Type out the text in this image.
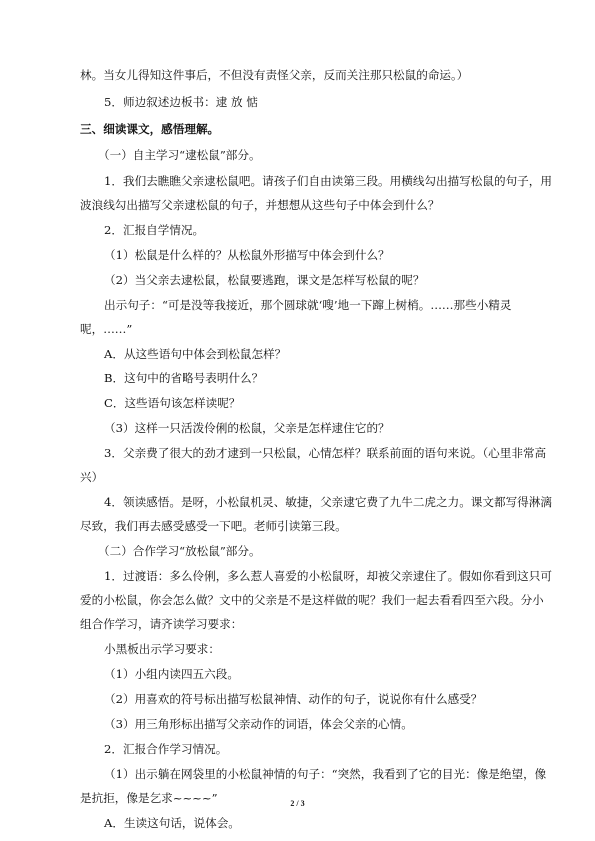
林。当女儿得知这件事后，不但没有责怪父亲，反而关注那只松鼠的命运。）
5．师边叙述边板书：逮 放 惦
三、细读课文，感悟理解。
（一）自主学习“逮松鼠”部分。
1．我们去瞧瞧父亲逮松鼠吧。请孩子们自由读第三段。用横线勾出描写松鼠的句子，用
波浪线勾出描写父亲逮松鼠的句子，并想想从这些句子中体会到什么？
2．汇报自学情况。
（1）松鼠是什么样的？从松鼠外形描写中体会到什么？
（2）当父亲去逮松鼠，松鼠要逃跑，课文是怎样写松鼠的呢？
出示句子：“可是没等我接近，那个圆球就‘嗖’地一下蹿上树梢。……那些小精灵
呢，……”
A．从这些语句中体会到松鼠怎样？
B．这句中的省略号表明什么？
C．这些语句该怎样读呢？
（3）这样一只活泼伶俐的松鼠，父亲是怎样逮住它的？
3．父亲费了很大的劲才逮到一只松鼠，心情怎样？联系前面的语句来说。（心里非常高
兴）
4．领读感悟。是呀，小松鼠机灵、敏捷，父亲逮它费了九牛二虎之力。课文都写得淋漓
尽致，我们再去感受感受一下吧。老师引读第三段。
（二）合作学习“放松鼠”部分。
1．过渡语：多么伶俐，多么惹人喜爱的小松鼠呀，却被父亲逮住了。假如你看到这只可
爱的小松鼠，你会怎么做？文中的父亲是不是这样做的呢？我们一起去看看四至六段。分小
组合作学习，请齐读学习要求：
小黑板出示学习要求：
（1）小组内读四五六段。
（2）用喜欢的符号标出描写松鼠神情、动作的句子，说说你有什么感受？
（3）用三角形标出描写父亲动作的词语，体会父亲的心情。
2．汇报合作学习情况。
（1）出示躺在网袋里的小松鼠神情的句子：“突然，我看到了它的目光：像是绝望，像
是抗拒，像是乞求~~~~”
A．生读这句话，说体会。
2 / 3
